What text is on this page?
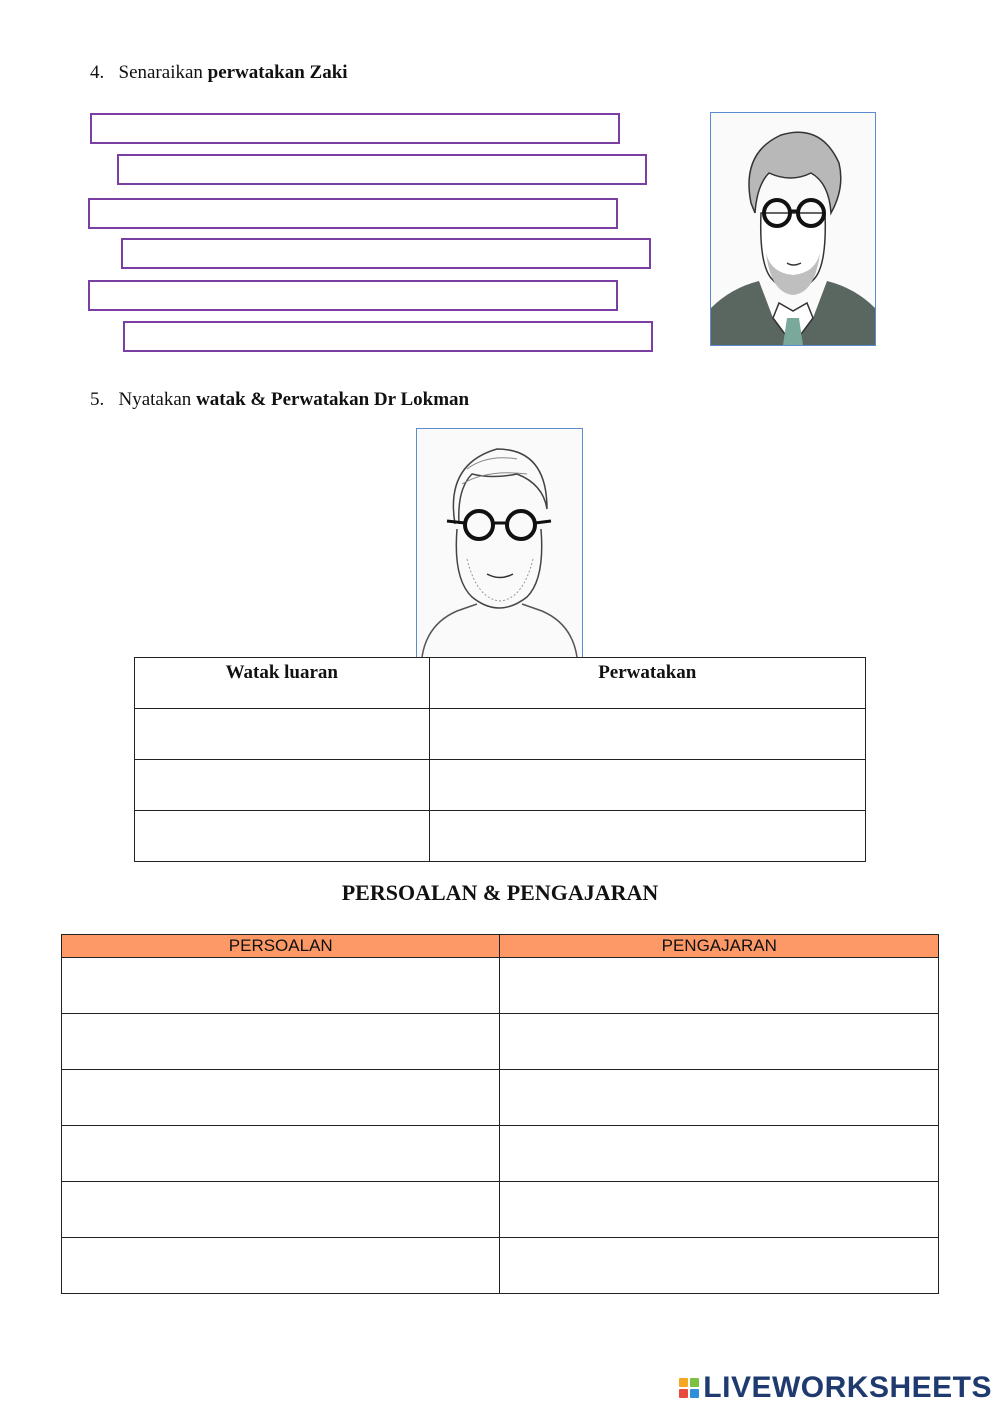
4. Senaraikan perwatakan Zaki
5. Nyatakan watak & Perwatakan Dr Lokman
Watak luaran	Perwatakan

PERSOALAN & PENGAJARAN
PERSOALAN	PENGAJARAN

LIVEWORKSHEETS
